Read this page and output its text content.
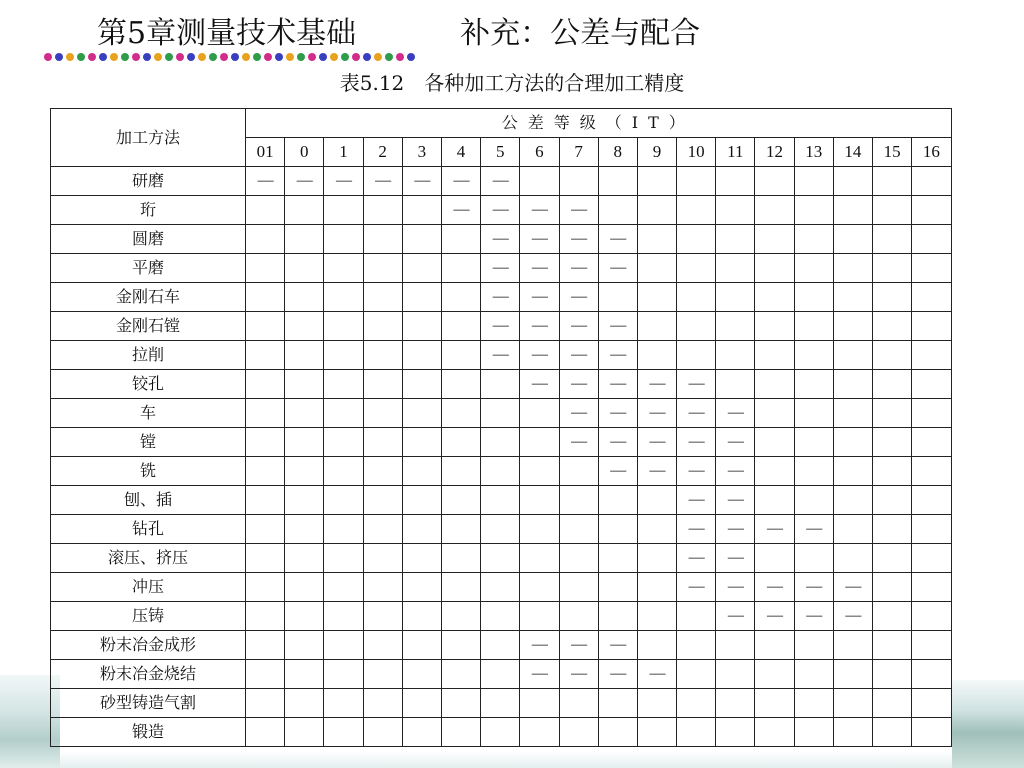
第5章测量技术基础	补充：公差与配合
表5.12　各种加工方法的合理加工精度
加工方法	公差等级（IT）																	
	01	0	1	2	3	4	5	6	7	8	9	10	11	12	13	14	15	16
研磨	—	—	—	—	—	—	—											
珩						—	—	—	—									
圆磨							—	—	—	—								
平磨							—	—	—	—								
金刚石车							—	—	—									
金刚石镗							—	—	—	—								
拉削							—	—	—	—								
铰孔								—	—	—	—	—						
车									—	—	—	—	—					
镗									—	—	—	—	—					
铣										—	—	—	—					
刨、插												—	—					
钻孔												—	—	—	—			
滚压、挤压												—	—					
冲压												—	—	—	—	—		
压铸													—	—	—	—		
粉末冶金成形								—	—	—								
粉末冶金烧结								—	—	—	—							
砂型铸造气割																		
锻造																		
